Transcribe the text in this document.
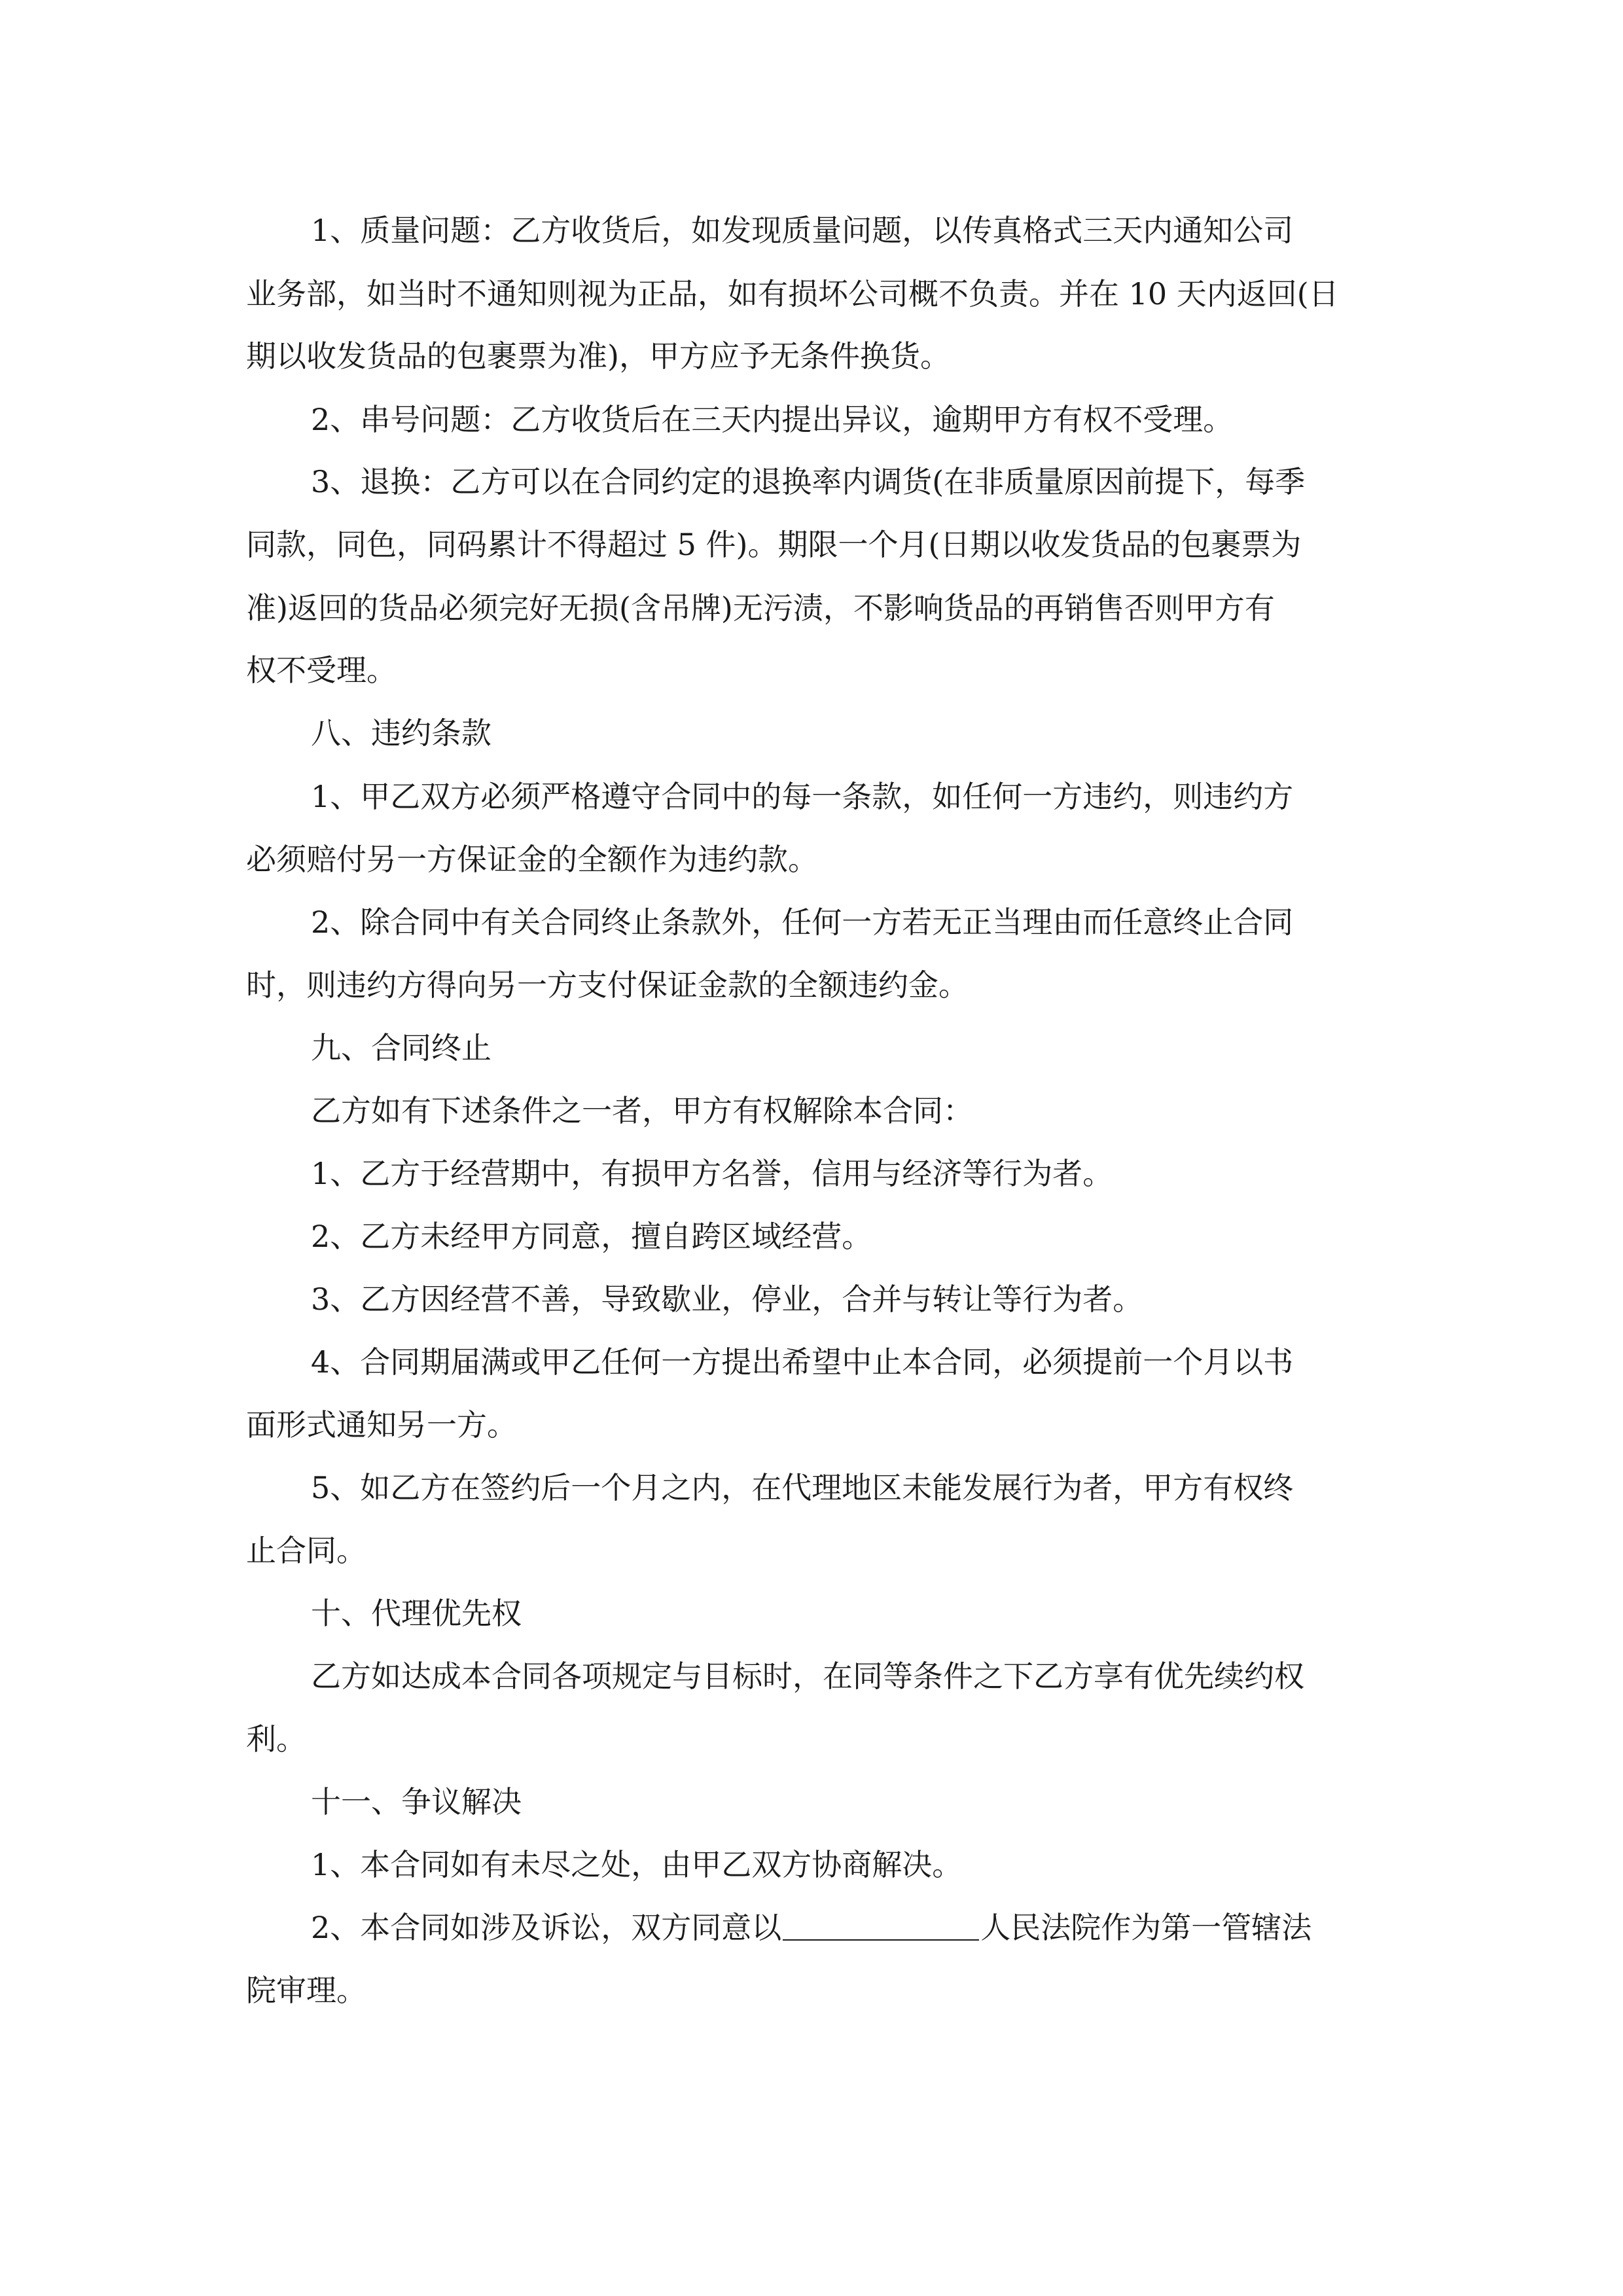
1、质量问题：乙方收货后，如发现质量问题，以传真格式三天内通知公司
业务部，如当时不通知则视为正品，如有损坏公司概不负责。并在 10 天内返回(日
期以收发货品的包裹票为准)，甲方应予无条件换货。
2、串号问题：乙方收货后在三天内提出异议，逾期甲方有权不受理。
3、退换：乙方可以在合同约定的退换率内调货(在非质量原因前提下，每季
同款，同色，同码累计不得超过 5 件)。期限一个月(日期以收发货品的包裹票为
准)返回的货品必须完好无损(含吊牌)无污渍，不影响货品的再销售否则甲方有
权不受理。
八、违约条款
1、甲乙双方必须严格遵守合同中的每一条款，如任何一方违约，则违约方
必须赔付另一方保证金的全额作为违约款。
2、除合同中有关合同终止条款外，任何一方若无正当理由而任意终止合同
时，则违约方得向另一方支付保证金款的全额违约金。
九、合同终止
乙方如有下述条件之一者，甲方有权解除本合同：
1、乙方于经营期中，有损甲方名誉，信用与经济等行为者。
2、乙方未经甲方同意，擅自跨区域经营。
3、乙方因经营不善，导致歇业，停业，合并与转让等行为者。
4、合同期届满或甲乙任何一方提出希望中止本合同，必须提前一个月以书
面形式通知另一方。
5、如乙方在签约后一个月之内，在代理地区未能发展行为者，甲方有权终
止合同。
十、代理优先权
乙方如达成本合同各项规定与目标时，在同等条件之下乙方享有优先续约权
利。
十一、争议解决
1、本合同如有未尽之处，由甲乙双方协商解决。
2、本合同如涉及诉讼，双方同意以	人民法院作为第一管辖法
院审理。
